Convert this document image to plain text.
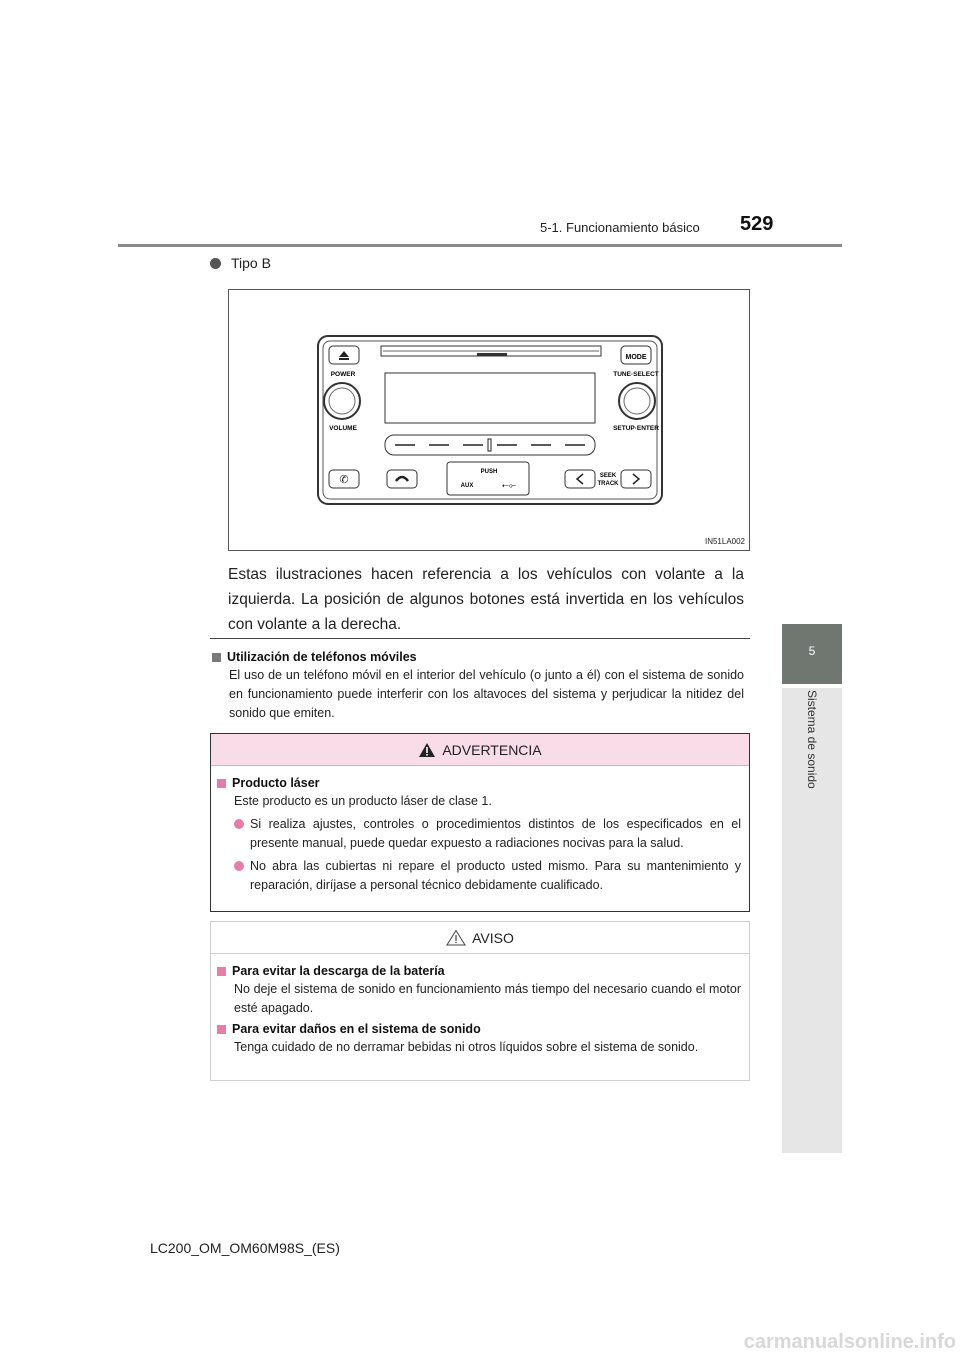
5-1. Funcionamiento básico 529
5
Sistema de sonido
Tipo B
MODE
POWER
VOLUME
TUNE·SELECT
SETUP·ENTER
✆
PUSH
AUX	⭠⟜
SEEK
TRACK
IN51LA002
Estas ilustraciones hacen referencia a los vehículos con volante a la izquierda. La posición de algunos botones está invertida en los vehículos con volante a la derecha.
Utilización de teléfonos móviles

El uso de un teléfono móvil en el interior del vehículo (o junto a él) con el sistema de sonido en funcionamiento puede interferir con los altavoces del sistema y perjudicar la nitidez del sonido que emiten.

ADVERTENCIA
Producto láser

Este producto es un producto láser de clase 1.

Si realiza ajustes, controles o procedimientos distintos de los especificados en el presente manual, puede quedar expuesto a radiaciones nocivas para la salud.

No abra las cubiertas ni repare el producto usted mismo. Para su mantenimiento y reparación, diríjase a personal técnico debidamente cualificado.

AVISO
Para evitar la descarga de la batería

No deje el sistema de sonido en funcionamiento más tiempo del necesario cuando el motor esté apagado.

Para evitar daños en el sistema de sonido

Tenga cuidado de no derramar bebidas ni otros líquidos sobre el sistema de sonido.

LC200_OM_OM60M98S_(ES)
carmanualsonline.info
